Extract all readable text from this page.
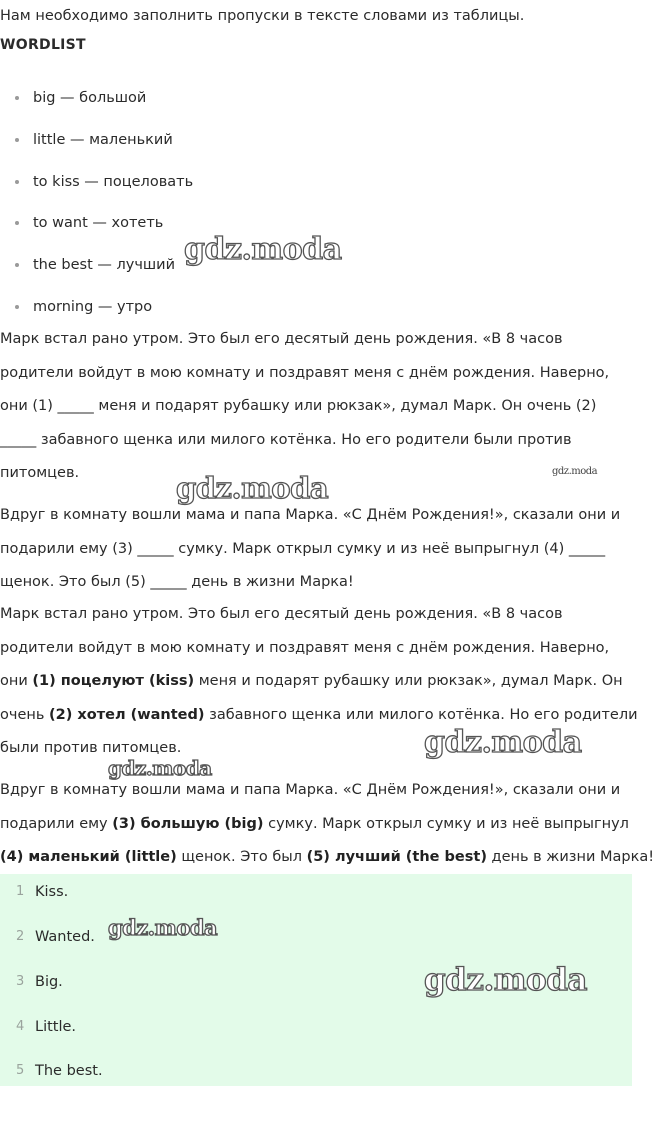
Нам необходимо заполнить пропуски в тексте словами из таблицы.
WORDLIST
big — большой
little — маленький
to kiss — поцеловать
to want — хотеть
the best — лучший
morning — утро
Марк встал рано утром. Это был его десятый день рождения. «В 8 часов
родители войдут в мою комнату и поздравят меня с днём рождения. Наверно,
они (1) _____ меня и подарят рубашку или рюкзак», думал Марк. Он очень (2)
_____ забавного щенка или милого котёнка. Но его родители были против
питомцев.
Вдруг в комнату вошли мама и папа Марка. «С Днём Рождения!», сказали они и
подарили ему (3) _____ сумку. Марк открыл сумку и из неё выпрыгнул (4) _____
щенок. Это был (5) _____ день в жизни Марка!
Марк встал рано утром. Это был его десятый день рождения. «В 8 часов
родители войдут в мою комнату и поздравят меня с днём рождения. Наверно,
они (1) поцелуют (kiss) меня и подарят рубашку или рюкзак», думал Марк. Он
очень (2) хотел (wanted) забавного щенка или милого котёнка. Но его родители
были против питомцев.
Вдруг в комнату вошли мама и папа Марка. «С Днём Рождения!», сказали они и
подарили ему (3) большую (big) сумку. Марк открыл сумку и из неё выпрыгнул
(4) маленький (little) щенок. Это был (5) лучший (the best) день в жизни Марка!
1 Kiss.
2 Wanted.
3 Big.
4 Little.
5 The best.
gdz.moda
gdz.moda	gdz.moda
gdz.moda
gdz.moda
gdz.moda
gdz.moda
